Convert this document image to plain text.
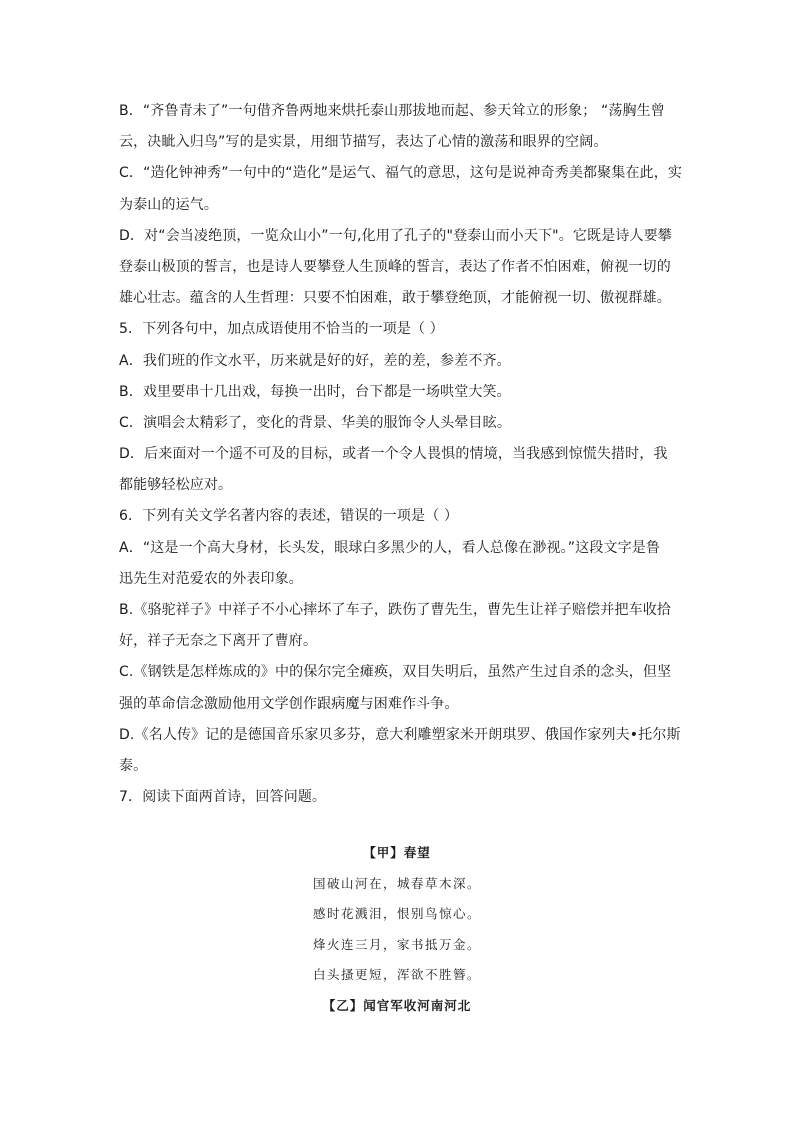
B．“齐鲁青未了”一句借齐鲁两地来烘托泰山那拔地而起、参天耸立的形象； “荡胸生曾
云，决眦入归鸟”写的是实景，用细节描写，表达了心情的激荡和眼界的空阔。
C．“造化钟神秀”一句中的“造化”是运气、福气的意思，这句是说神奇秀美都聚集在此，实
为泰山的运气。
D．对“会当凌绝顶，一览众山小”一句,化用了孔子的"登泰山而小天下"。它既是诗人要攀
登泰山极顶的誓言，也是诗人要攀登人生顶峰的誓言，表达了作者不怕困难，俯视一切的
雄心壮志。蕴含的人生哲理：只要不怕困难，敢于攀登绝顶，才能俯视一切、傲视群雄。
5．下列各句中，加点成语使用不恰当的一项是（ ）
A．我们班的作文水平，历来就是好的好，差的差，参差不齐。
B．戏里要串十几出戏，每换一出时，台下都是一场哄堂大笑。
C．演唱会太精彩了，变化的背景、华美的服饰令人头晕目眩。
D．后来面对一个遥不可及的目标，或者一个令人畏惧的情境，当我感到惊慌失措时，我
都能够轻松应对。
6．下列有关文学名著内容的表述，错误的一项是（ ）
A．“这是一个高大身材，长头发，眼球白多黑少的人，看人总像在渺视。”这段文字是鲁
迅先生对范爱农的外表印象。
B.《骆驼祥子》中祥子不小心摔坏了车子，跌伤了曹先生，曹先生让祥子赔偿并把车收拾
好，祥子无奈之下离开了曹府。
C.《钢铁是怎样炼成的》中的保尔完全瘫痪，双目失明后，虽然产生过自杀的念头，但坚
强的革命信念激励他用文学创作跟病魔与困难作斗争。
D.《名人传》记的是德国音乐家贝多芬，意大利雕塑家米开朗琪罗、俄国作家列夫•托尔斯
泰。
7．阅读下面两首诗，回答问题。
【甲】春望
国破山河在，城春草木深。
感时花溅泪，恨别鸟惊心。
烽火连三月，家书抵万金。
白头搔更短，浑欲不胜簪。
【乙】闻官军收河南河北
